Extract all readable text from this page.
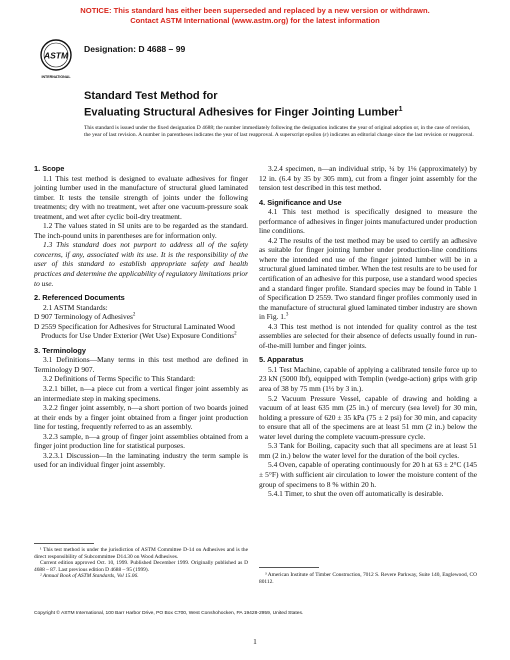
NOTICE: This standard has either been superseded and replaced by a new version or withdrawn.
Contact ASTM International (www.astm.org) for the latest information
ASTM
INTERNATIONAL
Designation: D 4688 – 99
Standard Test Method for
Evaluating Structural Adhesives for Finger Jointing Lumber$^1$
This standard is issued under the fixed designation D 4688; the number immediately following the designation indicates the year of original adoption or, in the case of revision, the year of last revision. A number in parentheses indicates the year of last reapproval. A superscript epsilon (ε) indicates an editorial change since the last revision or reapproval.
1. Scope

1.1 This test method is designed to evaluate adhesives for finger jointing lumber used in the manufacture of structural glued laminated timber. It tests the tensile strength of joints under the following treatments; dry with no treatment, wet after one vacuum-pressure soak treatment, and wet after cyclic boil-dry treatment.

1.2 The values stated in SI units are to be regarded as the standard. The inch-pound units in parentheses are for information only.

1.3 This standard does not purport to address all of the safety concerns, if any, associated with its use. It is the responsibility of the user of this standard to establish appropriate safety and health practices and determine the applicability of regulatory limitations prior to use.

2. Referenced Documents

2.1 ASTM Standards:

D 907 Terminology of Adhesives$^2$

D 2559 Specification for Adhesives for Structural Laminated Wood Products for Use Under Exterior (Wet Use) Exposure Conditions$^2$

3. Terminology

3.1 Definitions—Many terms in this test method are defined in Terminology D 907.

3.2 Definitions of Terms Specific to This Standard:

3.2.1 billet, n—a piece cut from a vertical finger joint assembly as an intermediate step in making specimens.

3.2.2 finger joint assembly, n—a short portion of two boards joined at their ends by a finger joint obtained from a finger joint production line for testing, frequently referred to as an assembly.

3.2.3 sample, n—a group of finger joint assemblies obtained from a finger joint production line for statistical purposes.

3.2.3.1 Discussion—In the laminating industry the term sample is used for an individual finger joint assembly.

3.2.4 specimen, n—an individual strip, ¼ by 1⅛ (approximately) by 12 in. (6.4 by 35 by 305 mm), cut from a finger joint assembly for the tension test described in this test method.

4. Significance and Use

4.1 This test method is specifically designed to measure the performance of adhesives in finger joints manufactured under production line conditions.

4.2 The results of the test method may be used to certify an adhesive as suitable for finger jointing lumber under production-line conditions where the intended end use of the finger jointed lumber will be in a structural glued laminated timber. When the test results are to be used for certification of an adhesive for this purpose, use a standard wood species and a standard finger profile. Standard species may be found in Table 1 of Specification D 2559. Two standard finger profiles commonly used in the manufacture of structural glued laminated timber industry are shown in Fig. 1.$^3$

4.3 This test method is not intended for quality control as the test assemblies are selected for their absence of defects usually found in run-of-the-mill lumber and finger joints.

5. Apparatus

5.1 Test Machine, capable of applying a calibrated tensile force up to 23 kN (5000 lbf), equipped with Templin (wedge-action) grips with grip area of 38 by 75 mm (1½ by 3 in.).

5.2 Vacuum Pressure Vessel, capable of drawing and holding a vacuum of at least 635 mm (25 in.) of mercury (sea level) for 30 min, holding a pressure of 620 ± 35 kPa (75 ± 2 psi) for 30 min, and capacity to ensure that all of the specimens are at least 51 mm (2 in.) below the water level during the complete vacuum-pressure cycle.

5.3 Tank for Boiling, capacity such that all specimens are at least 51 mm (2 in.) below the water level for the duration of the boil cycles.

5.4 Oven, capable of operating continuously for 20 h at 63 ± 2°C (145 ± 5°F) with sufficient air circulation to lower the moisture content of the group of specimens to 8 % within 20 h.

5.4.1 Timer, to shut the oven off automatically is desirable.

¹ This test method is under the jurisdiction of ASTM Committee D-14 on Adhesives and is the direct responsibility of Subcommittee D14.30 on Wood Adhesives.

Current edition approved Oct. 10, 1999. Published December 1999. Originally published as D 4688 – 87. Last previous edition D 4688 – 95 (1999).

² Annual Book of ASTM Standards, Vol 15.06.	³ American Institute of Timber Construction, 7012 S. Revere Parkway, Suite 140, Englewood, CO 80112.

Copyright © ASTM International, 100 Barr Harbor Drive, PO Box C700, West Conshohocken, PA 19428-2959, United States.
1
